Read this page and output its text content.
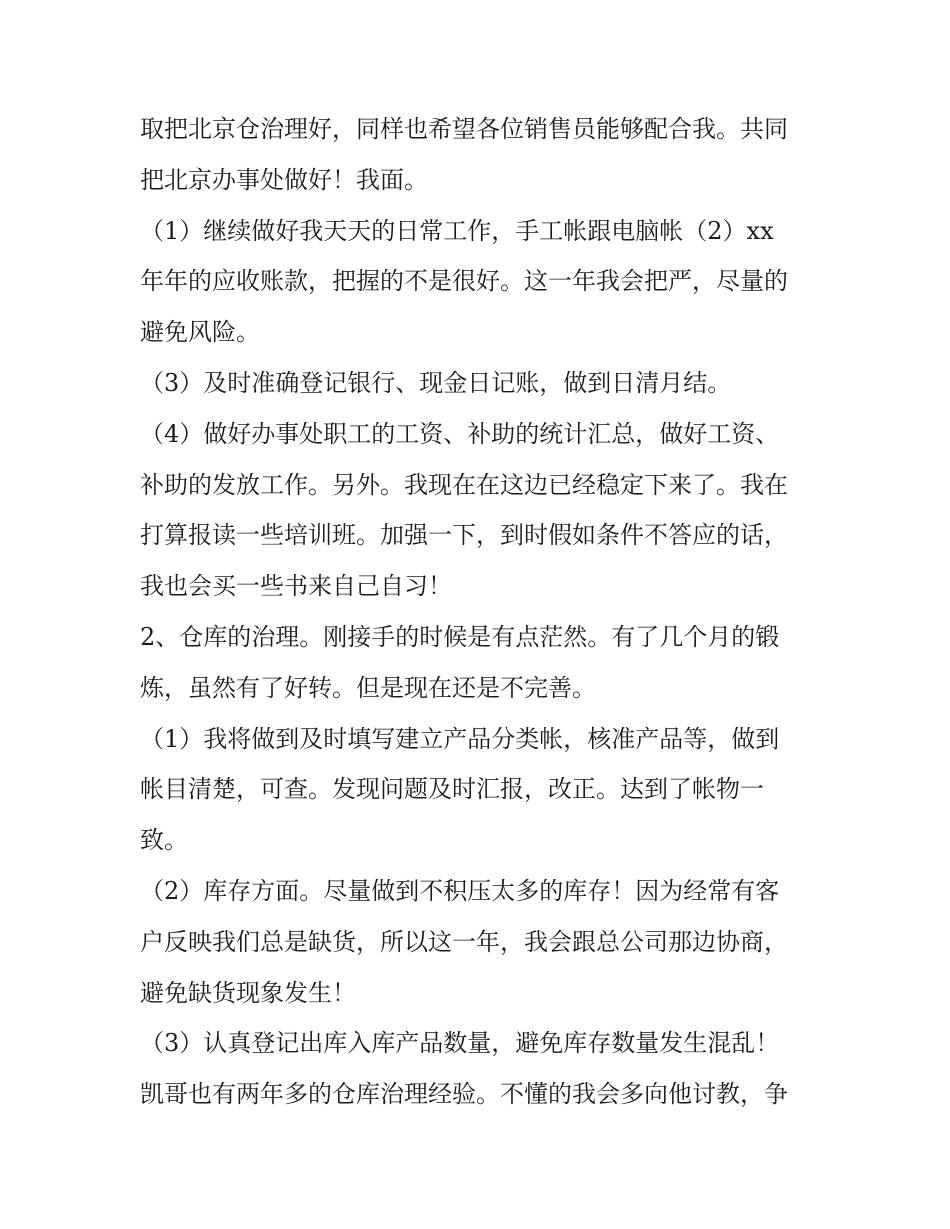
取把北京仓治理好，同样也希望各位销售员能够配合我。共同
把北京办事处做好！我面。
（1）继续做好我天天的日常工作，手工帐跟电脑帐（2）xx
年年的应收账款，把握的不是很好。这一年我会把严，尽量的
避免风险。
（3）及时准确登记银行、现金日记账，做到日清月结。
（4）做好办事处职工的工资、补助的统计汇总，做好工资、
补助的发放工作。另外。我现在在这边已经稳定下来了。我在
打算报读一些培训班。加强一下，到时假如条件不答应的话，
我也会买一些书来自己自习！
2、仓库的治理。刚接手的时候是有点茫然。有了几个月的锻
炼，虽然有了好转。但是现在还是不完善。
（1）我将做到及时填写建立产品分类帐，核准产品等，做到
帐目清楚，可查。发现问题及时汇报，改正。达到了帐物一
致。
（2）库存方面。尽量做到不积压太多的库存！因为经常有客
户反映我们总是缺货，所以这一年，我会跟总公司那边协商，
避免缺货现象发生！
（3）认真登记出库入库产品数量，避免库存数量发生混乱！
凯哥也有两年多的仓库治理经验。不懂的我会多向他讨教，争
